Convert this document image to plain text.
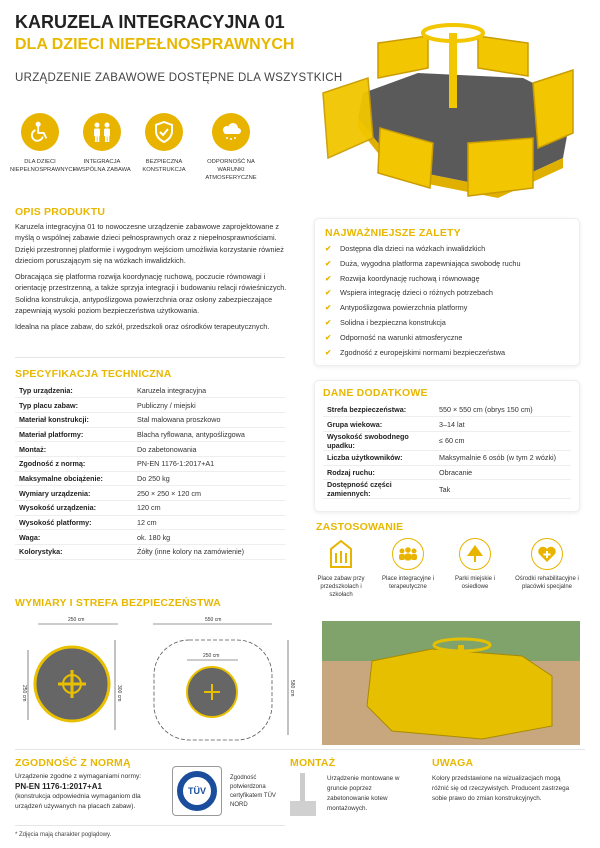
KARUZELA INTEGRACYJNA 01
DLA DZIECI NIEPEŁNOSPRAWNYCH
URZĄDZENIE ZABAWOWE DOSTĘPNE DLA WSZYSTKICH
DLA DZIECI
NIEPEŁNOSPRAWNYCH
INTEGRACJA
I WSPÓLNA ZABAWA
BEZPIECZNA
KONSTRUKCJA
ODPORNOŚĆ NA
WARUNKI ATMOSFERYCZNE
OPIS PRODUKTU

Karuzela integracyjna 01 to nowoczesne urządzenie zabawowe zaprojektowane z myślą o wspólnej zabawie dzieci pełnosprawnych oraz z niepełnosprawnościami. Dzięki przestronnej platformie i wygodnym wejściom umożliwia korzystanie również dzieciom poruszającym się na wózkach inwalidzkich.

Obracająca się platforma rozwija koordynację ruchową, poczucie równowagi i orientację przestrzenną, a także sprzyja integracji i budowaniu relacji rówieśniczych. Solidna konstrukcja, antypoślizgowa powierzchnia oraz osłony zabezpieczające zapewniają wysoki poziom bezpieczeństwa użytkowania.

Idealna na place zabaw, do szkół, przedszkoli oraz ośrodków terapeutycznych.

NAJWAŻNIEJSZE ZALETY
✔ Dostępna dla dzieci na wózkach inwalidzkich
✔ Duża, wygodna platforma zapewniająca swobodę ruchu
✔ Rozwija koordynację ruchową i równowagę
✔ Wspiera integrację dzieci o różnych potrzebach
✔ Antypoślizgowa powierzchnia platformy
✔ Solidna i bezpieczna konstrukcja
✔ Odporność na warunki atmosferyczne
✔ Zgodność z europejskimi normami bezpieczeństwa
SPECYFIKACJA TECHNICZNA
Typ urządzenia:	Karuzela integracyjna
Typ placu zabaw:	Publiczny / miejski
Materiał konstrukcji:	Stal malowana proszkowo
Materiał platformy:	Blacha ryflowana, antypoślizgowa
Montaż:	Do zabetonowania
Zgodność z normą:	PN-EN 1176-1:2017+A1
Maksymalne obciążenie:	Do 250 kg
Wymiary urządzenia:	250 × 250 × 120 cm
Wysokość urządzenia:	120 cm
Wysokość platformy:	12 cm
Waga:	ok. 180 kg
Kolorystyka:	Żółty (inne kolory na zamówienie)
DANE DODATKOWE
Strefa bezpieczeństwa:	550 × 550 cm (obrys 150 cm)
Grupa wiekowa:	3–14 lat
Wysokość swobodnego upadku:	≤ 60 cm
Liczba użytkowników:	Maksymalnie 6 osób (w tym 2 wózki)
Rodzaj ruchu:	Obracanie
Dostępność części zamiennych:	Tak
ZASTOSOWANIE
Place zabaw przy przedszkolach i szkołach
Place integracyjne i terapeutyczne
Parki miejskie i osiedlowe
Ośrodki rehabilitacyjne i placówki specjalne
WYMIARY I STREFA BEZPIECZEŃSTWA
250 cm
300 cm
250 cm
550 cm
580 cm
250 cm
ZGODNOŚĆ Z NORMĄ
Urządzenie zgodne z wymaganiami normy:
PN-EN 1176-1:2017+A1
(konstrukcja odpowiednia wymaganiom dla urządzeń używanych na placach zabaw).
TÜV
Zgodność potwierdzona certyfikatem TÜV NORD
MONTAŻ
Urządzenie montowane w gruncie poprzez zabetonowanie kotew montażowych.
UWAGA
Kolory przedstawione na wizualizacjach mogą różnić się od rzeczywistych. Producent zastrzega sobie prawo do zmian konstrukcyjnych.
* Zdjęcia mają charakter poglądowy.
